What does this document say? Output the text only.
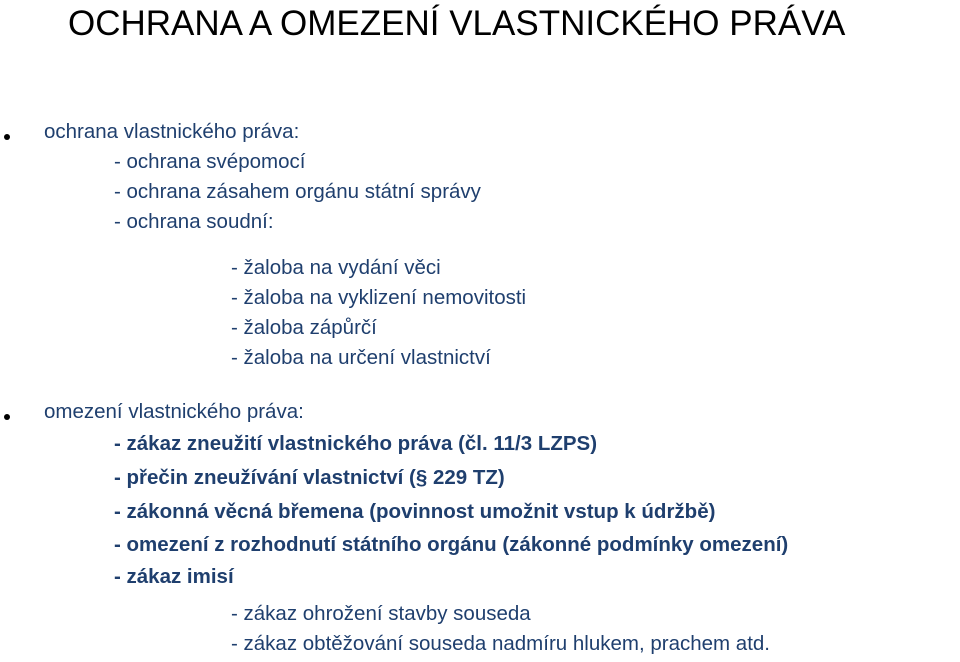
OCHRANA A OMEZENÍ VLASTNICKÉHO PRÁVA
ochrana vlastnického práva:
- ochrana svépomocí
- ochrana zásahem orgánu státní správy
- ochrana soudní:
- žaloba na vydání věci
- žaloba na vyklizení nemovitosti
- žaloba zápůrčí
- žaloba na určení vlastnictví
omezení vlastnického práva:
- zákaz zneužití vlastnického práva (čl. 11/3 LZPS)
- přečin zneužívání vlastnictví (§ 229 TZ)
- zákonná věcná břemena (povinnost umožnit vstup k údržbě)
- omezení z rozhodnutí státního orgánu (zákonné podmínky omezení)
- zákaz imisí
- zákaz ohrožení stavby souseda
- zákaz obtěžování souseda nadmíru hlukem, prachem atd.
